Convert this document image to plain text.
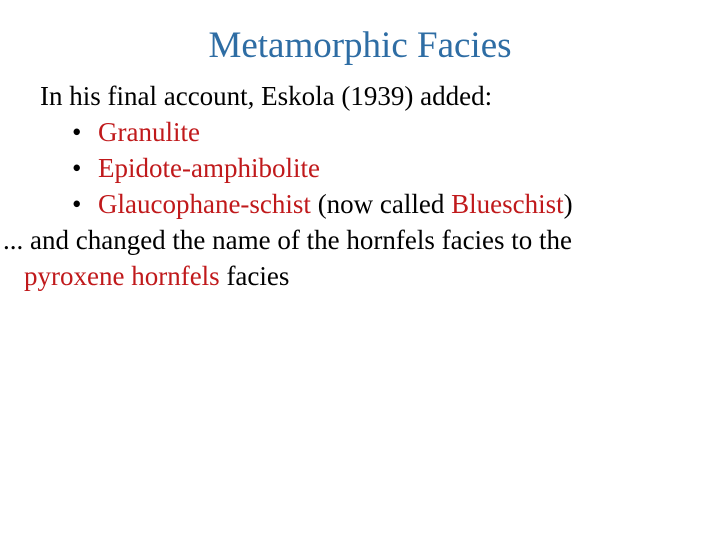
Metamorphic Facies

In his final account, Eskola (1939) added:

• Granulite
• Epidote-amphibolite
• Glaucophane-schist (now called Blueschist)

... and changed the name of the hornfels facies to the pyroxene hornfels facies
